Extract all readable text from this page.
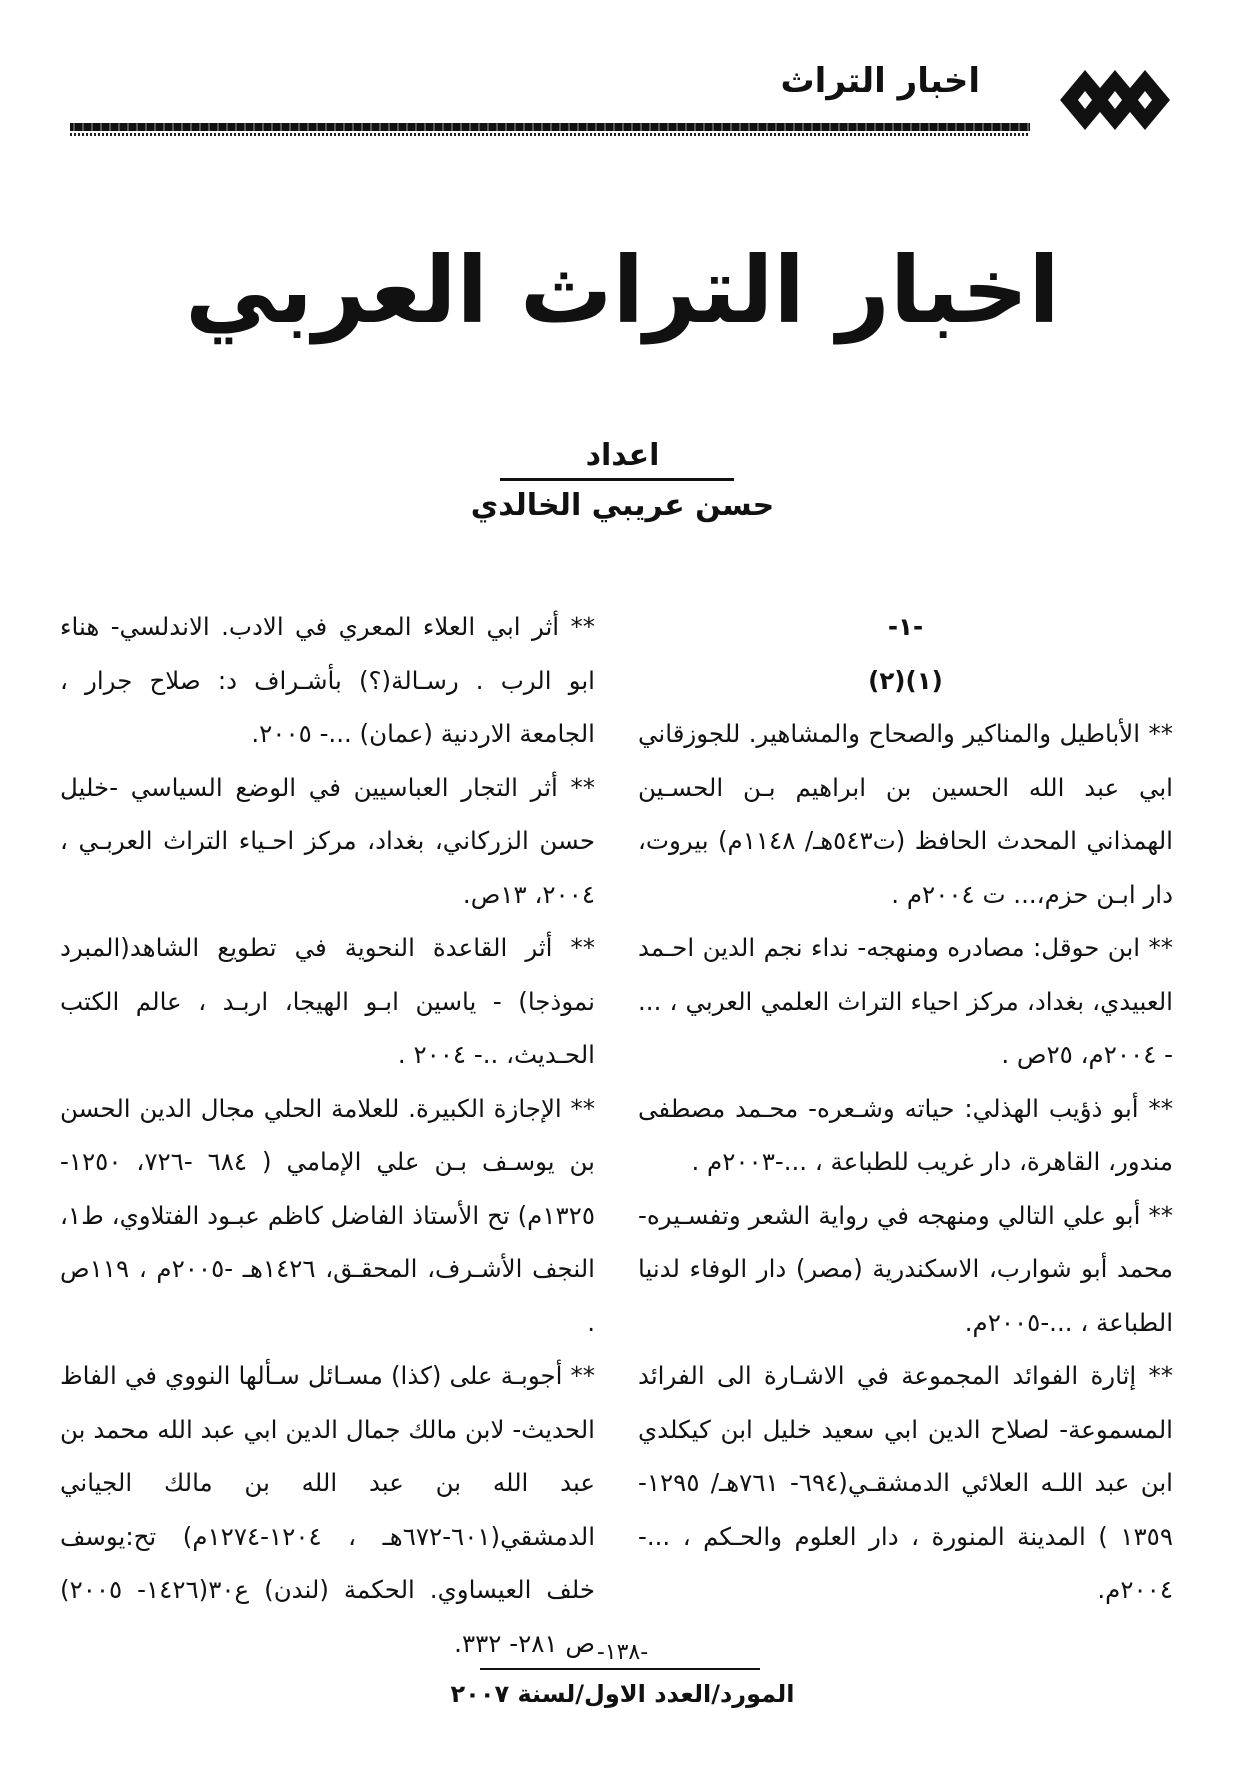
اخبار التراث
اخبار التراث العربي
اعداد
حسن عريبي الخالدي

-١-

(١)(٢)

** الأباطيل والمناكير والصحاح والمشاهير. للجوزقاني ابي عبد الله الحسين بن ابراهيم بـن الحسـين الهمذاني المحدث الحافظ (ت٥٤٣هـ/ ١١٤٨م) بيروت، دار ابـن حزم،... ت ٢٠٠٤م .

** ابن حوقل: مصادره ومنهجه- نداء نجم الدين احـمد العبيدي، بغداد، مركز احياء التراث العلمي العربي ، ... - ٢٠٠٤م، ٢٥ص .

** أبو ذؤيب الهذلي: حياته وشـعره- محـمد مصطفى مندور، القاهرة، دار غريب للطباعة ، ...-٢٠٠٣م .

** أبو علي التالي ومنهجه في رواية الشعر وتفسـيره- محمد أبو شوارب، الاسكندرية (مصر) دار الوفاء لدنيا الطباعة ، ...-٢٠٠٥م.

** إثارة الفوائد المجموعة في الاشـارة الى الفرائد المسموعة- لصلاح الدين ابي سعيد خليل ابن كيكلدي ابن عبد اللـه العلائي الدمشقـي(٦٩٤- ٧٦١هـ/ ١٢٩٥- ١٣٥٩ ) المدينة المنورة ، دار العلوم والحـكم ، ...- ٢٠٠٤م.

** أثر ابي العلاء المعري في الادب. الاندلسي- هناء ابو الرب . رسـالة(؟) بأشـراف د: صلاح جرار ، الجامعة الاردنية (عمان) ...- ٢٠٠٥.

** أثر التجار العباسيين في الوضع السياسي -خليل حسن الزركاني، بغداد، مركز احـياء التراث العربـي ، ٢٠٠٤، ١٣ص.

** أثر القاعدة النحوية في تطويع الشاهد(المبرد نموذجا) - ياسين ابـو الهيجا، اربـد ، عالم الكتب الحـديث، ..- ٢٠٠٤ .

** الإجازة الكبيرة. للعلامة الحلي مجال الدين الحسن بن يوسـف بـن علي الإمامي ( ٦٨٤ -٧٢٦، ١٢٥٠- ١٣٢٥م) تح الأستاذ الفاضل كاظم عبـود الفتلاوي، ط١، النجف الأشـرف، المحقـق، ١٤٢٦هـ -٢٠٠٥م ، ١١٩ص .

** أجوبـة على (كذا) مسـائل سـألها النووي في الفاظ الحديث- لابن مالك جمال الدين ابي عبد الله محمد بن عبد الله بن عبد الله بن مالك الجياني الدمشقي(٦٠١-٦٧٢هـ ، ١٢٠٤-١٢٧٤م) تح:يوسف خلف العيساوي. الحكمة (لندن) ع٣٠(١٤٢٦- ٢٠٠٥) ص ٢٨١- ٣٣٢. -١٣٨-
المورد/العدد الاول/لسنة ٢٠٠٧
